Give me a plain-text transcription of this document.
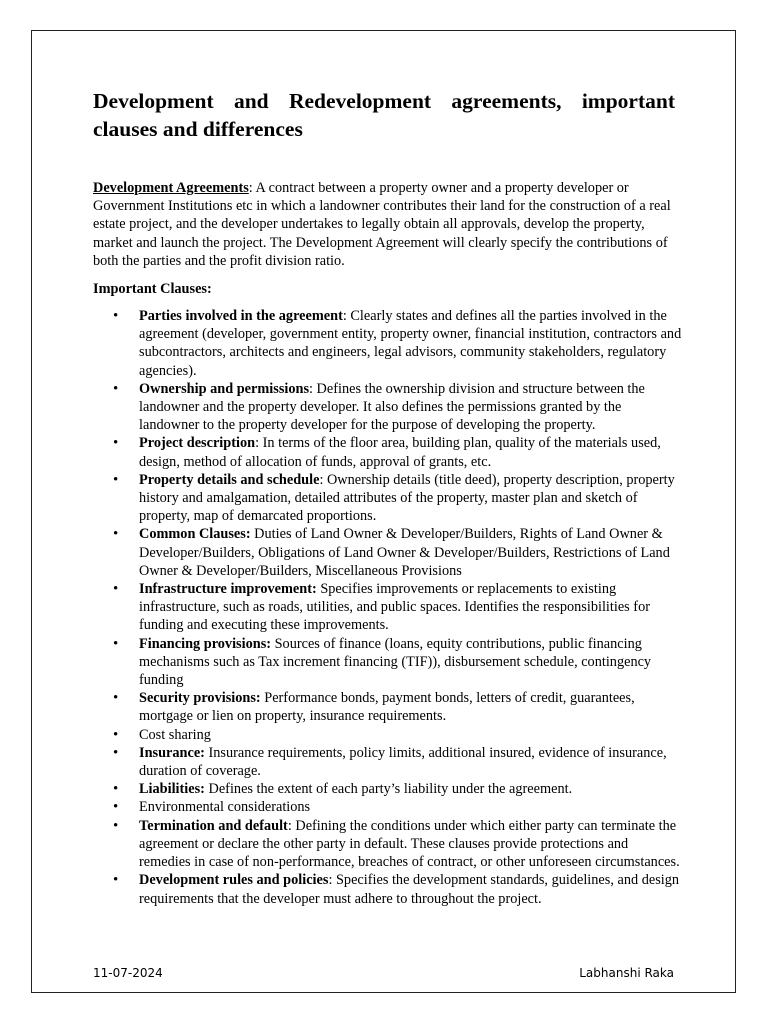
Development and Redevelopment agreements, important clauses and differences

Development Agreements: A contract between a property owner and a property developer or Government Institutions etc in which a landowner contributes their land for the construction of a real estate project, and the developer undertakes to legally obtain all approvals, develop the property, market and launch the project. The Development Agreement will clearly specify the contributions of both the parties and the profit division ratio.

Important Clauses:

• Parties involved in the agreement: Clearly states and defines all the parties involved in the agreement (developer, government entity, property owner, financial institution, contractors and subcontractors, architects and engineers, legal advisors, community stakeholders, regulatory agencies).
• Ownership and permissions: Defines the ownership division and structure between the landowner and the property developer. It also defines the permissions granted by the landowner to the property developer for the purpose of developing the property.
• Project description: In terms of the floor area, building plan, quality of the materials used, design, method of allocation of funds, approval of grants, etc.
• Property details and schedule: Ownership details (title deed), property description, property history and amalgamation, detailed attributes of the property, master plan and sketch of property, map of demarcated proportions.
• Common Clauses: Duties of Land Owner & Developer/Builders, Rights of Land Owner & Developer/Builders, Obligations of Land Owner & Developer/Builders, Restrictions of Land Owner & Developer/Builders, Miscellaneous Provisions
• Infrastructure improvement: Specifies improvements or replacements to existing infrastructure, such as roads, utilities, and public spaces. Identifies the responsibilities for funding and executing these improvements.
• Financing provisions: Sources of finance (loans, equity contributions, public financing mechanisms such as Tax increment financing (TIF)), disbursement schedule, contingency funding
• Security provisions: Performance bonds, payment bonds, letters of credit, guarantees, mortgage or lien on property, insurance requirements.
• Cost sharing
• Insurance: Insurance requirements, policy limits, additional insured, evidence of insurance, duration of coverage.
• Liabilities: Defines the extent of each party’s liability under the agreement.
• Environmental considerations
• Termination and default: Defining the conditions under which either party can terminate the agreement or declare the other party in default. These clauses provide protections and remedies in case of non-performance, breaches of contract, or other unforeseen circumstances.
• Development rules and policies: Specifies the development standards, guidelines, and design requirements that the developer must adhere to throughout the project.
11-07-2024	Labhanshi Raka
